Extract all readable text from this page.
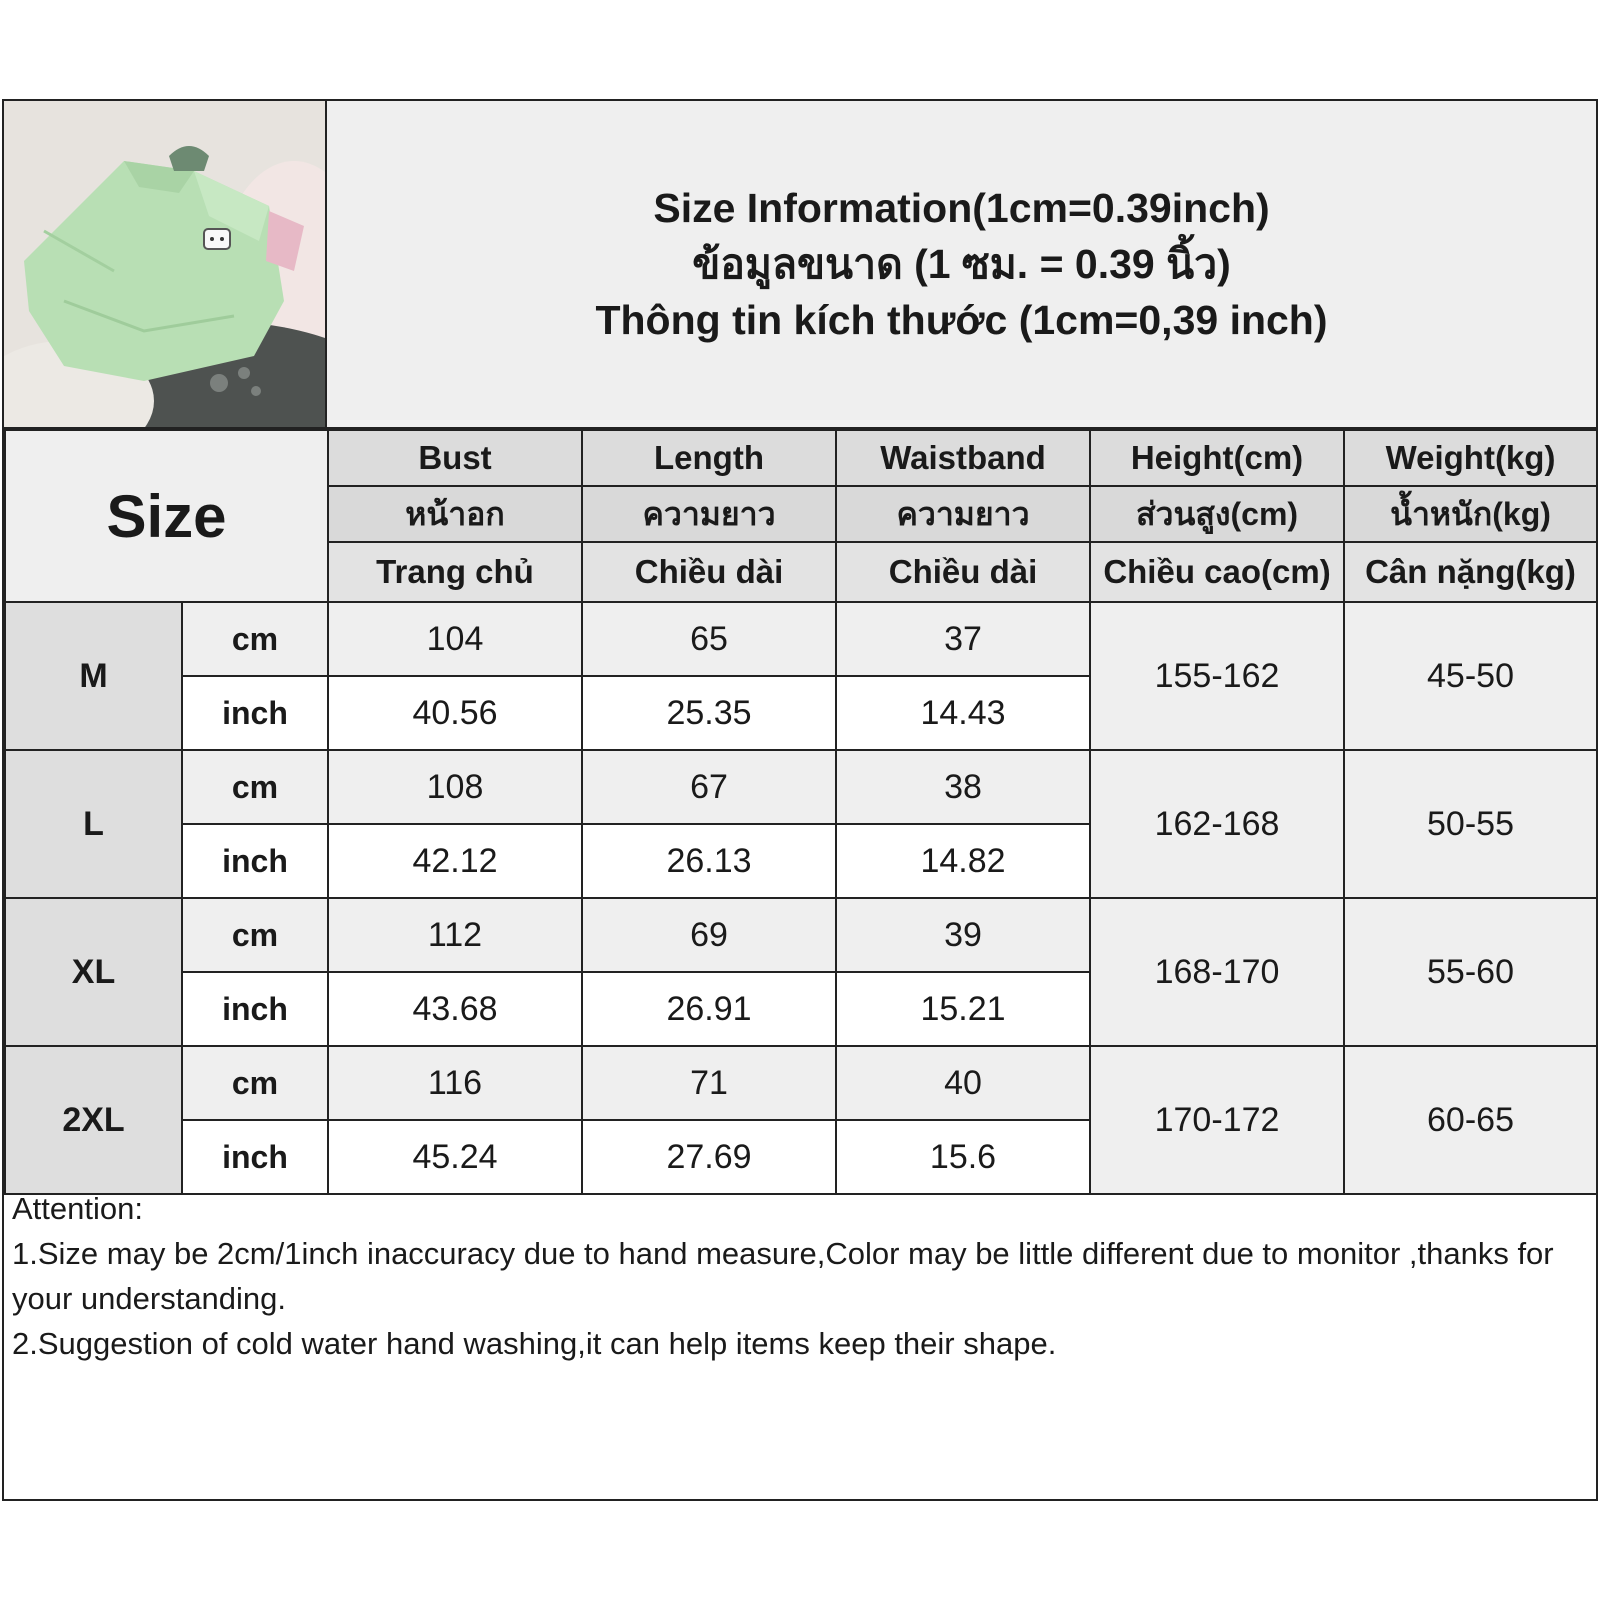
Size Information(1cm=0.39inch)
ข้อมูลขนาด (1 ซม. = 0.39 นิ้ว)
Thông tin kích thước (1cm=0,39 inch)
Size		Bust	Length	Waistband	Height(cm)	Weight(kg)
		หน้าอก	ความยาว	ความยาว	ส่วนสูง(cm)	น้ำหนัก(kg)
		Trang chủ	Chiều dài	Chiều dài	Chiều cao(cm)	Cân nặng(kg)
M	cm	104	65	37	155-162	45-50
	inch	40.56	25.35	14.43		
L	cm	108	67	38	162-168	50-55
	inch	42.12	26.13	14.82		
XL	cm	112	69	39	168-170	55-60
	inch	43.68	26.91	15.21		
2XL	cm	116	71	40	170-172	60-65
	inch	45.24	27.69	15.6		
Attention:
1.Size may be 2cm/1inch inaccuracy due to hand measure,Color may be little different due to monitor ,thanks for your understanding.
2.Suggestion of cold water hand washing,it can help items keep their shape.
